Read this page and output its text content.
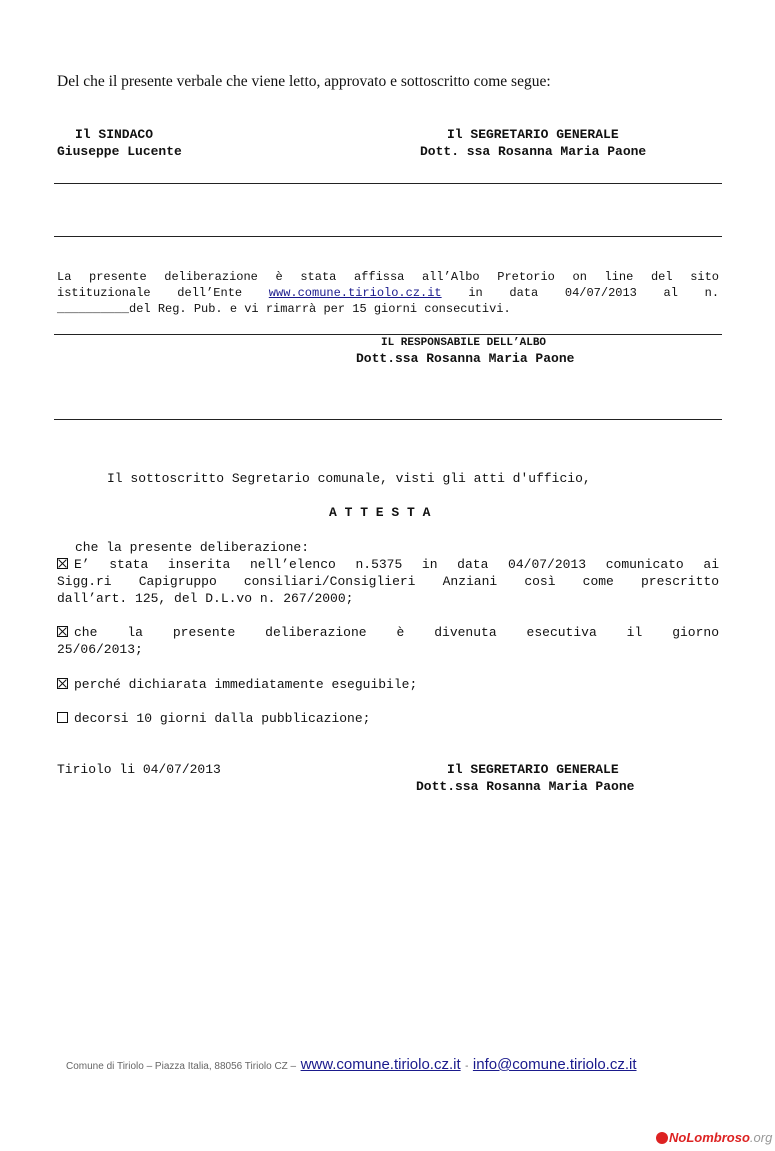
Del che il presente verbale che viene letto, approvato e sottoscritto come segue:
Il SINDACO
Giuseppe Lucente
Il SEGRETARIO GENERALE
Dott. ssa Rosanna Maria Paone
La presente deliberazione è stata affissa all’Albo Pretorio on line del sito
istituzionale dell’Ente www.comune.tiriolo.cz.it in data 04/07/2013 al n.
__________del Reg. Pub. e vi rimarrà per 15 giorni consecutivi.
IL RESPONSABILE DELL’ALBO
Dott.ssa Rosanna Maria Paone
Il sottoscritto Segretario comunale, visti gli atti d'ufficio,
A T T E S T A
che la presente deliberazione:
E’ stata inserita nell’elenco n.5375 in data 04/07/2013 comunicato ai
Sigg.ri Capigruppo consiliari/Consiglieri Anziani così come prescritto
dall’art. 125, del D.L.vo n. 267/2000;
che la presente deliberazione è divenuta esecutiva il giorno
25/06/2013;
perché dichiarata immediatamente eseguibile;
decorsi 10 giorni dalla pubblicazione;
Tiriolo li 04/07/2013	Il SEGRETARIO GENERALE
Dott.ssa Rosanna Maria Paone
Comune di Tiriolo – Piazza Italia, 88056 Tiriolo CZ – www.comune.tiriolo.cz.it - info@comune.tiriolo.cz.it
NoLombroso.org
